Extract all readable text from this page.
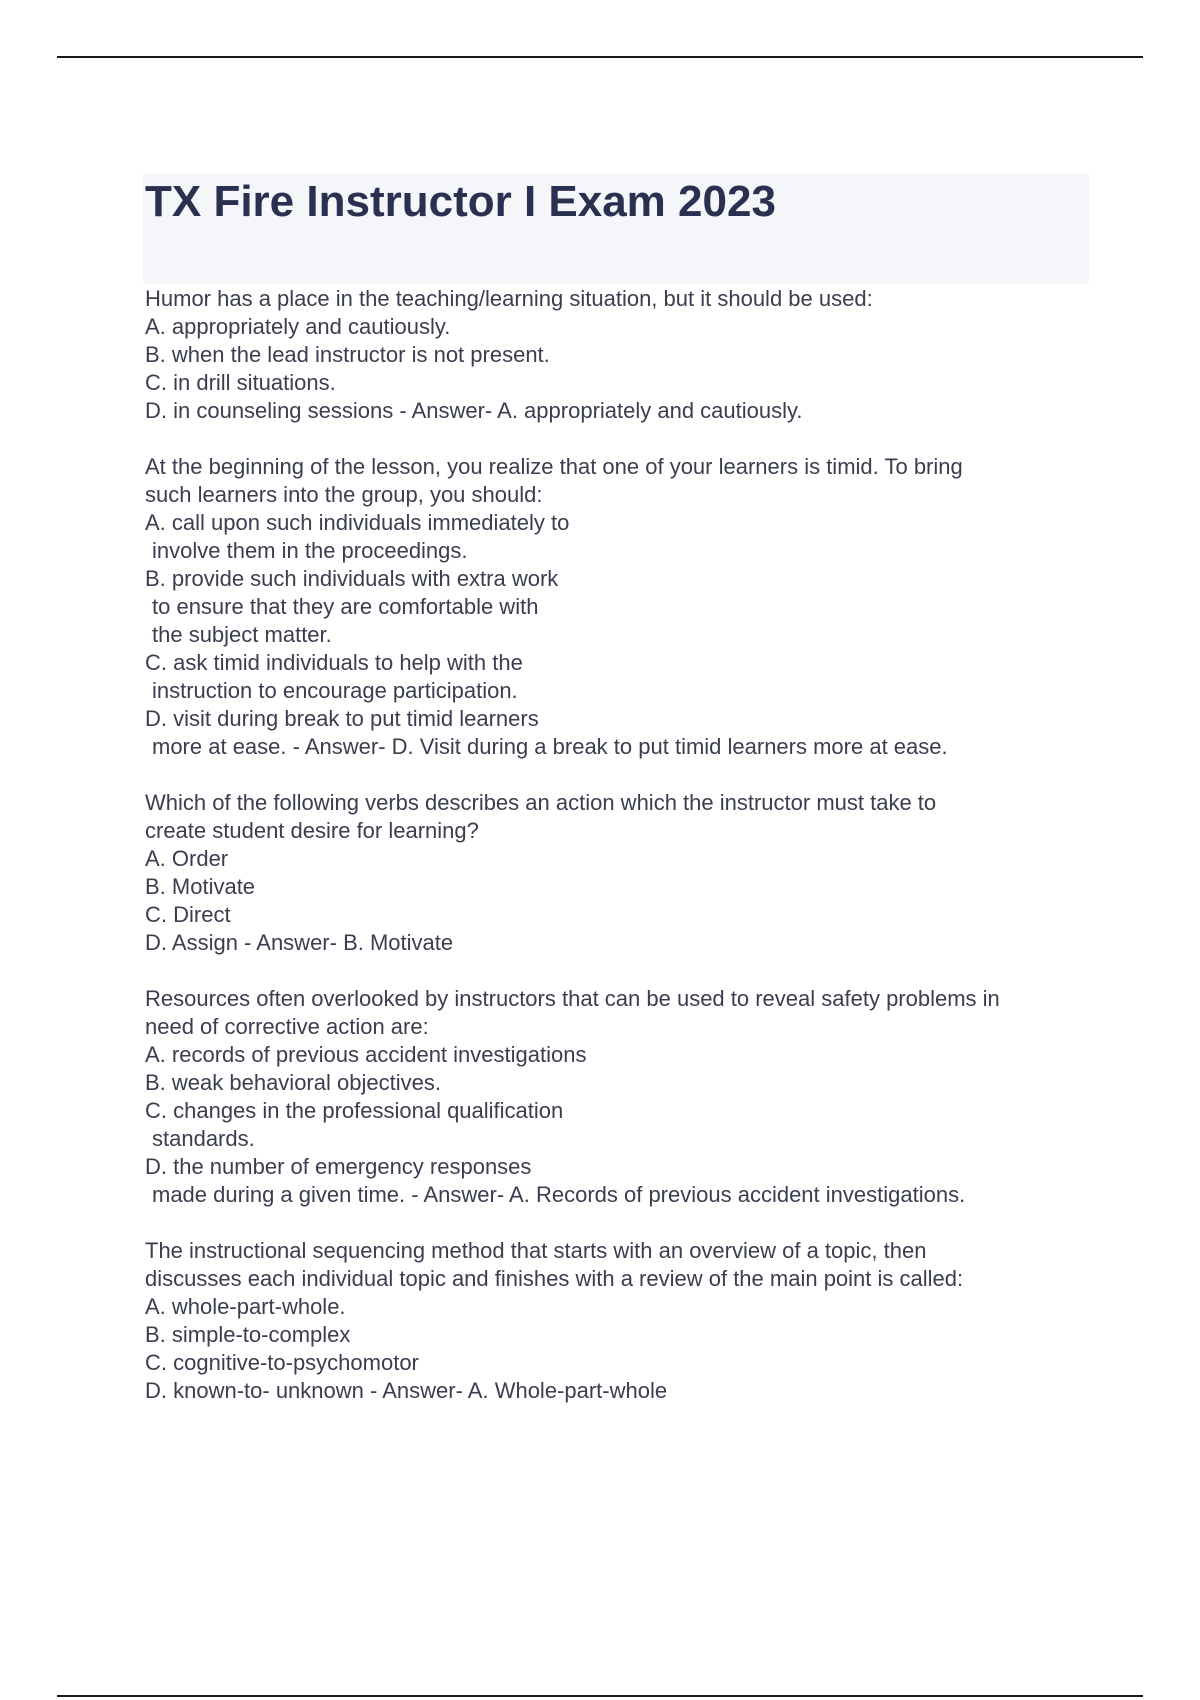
TX Fire Instructor I Exam 2023
Humor has a place in the teaching/learning situation, but it should be used:
A. appropriately and cautiously.
B. when the lead instructor is not present.
C. in drill situations.
D. in counseling sessions - Answer- A. appropriately and cautiously.
At the beginning of the lesson, you realize that one of your learners is timid. To bring
such learners into the group, you should:
A. call upon such individuals immediately to
involve them in the proceedings.
B. provide such individuals with extra work
to ensure that they are comfortable with
the subject matter.
C. ask timid individuals to help with the
instruction to encourage participation.
D. visit during break to put timid learners
more at ease. - Answer- D. Visit during a break to put timid learners more at ease.
Which of the following verbs describes an action which the instructor must take to
create student desire for learning?
A. Order
B. Motivate
C. Direct
D. Assign - Answer- B. Motivate
Resources often overlooked by instructors that can be used to reveal safety problems in
need of corrective action are:
A. records of previous accident investigations
B. weak behavioral objectives.
C. changes in the professional qualification
standards.
D. the number of emergency responses
made during a given time. - Answer- A. Records of previous accident investigations.
The instructional sequencing method that starts with an overview of a topic, then
discusses each individual topic and finishes with a review of the main point is called:
A. whole-part-whole.
B. simple-to-complex
C. cognitive-to-psychomotor
D. known-to- unknown - Answer- A. Whole-part-whole
